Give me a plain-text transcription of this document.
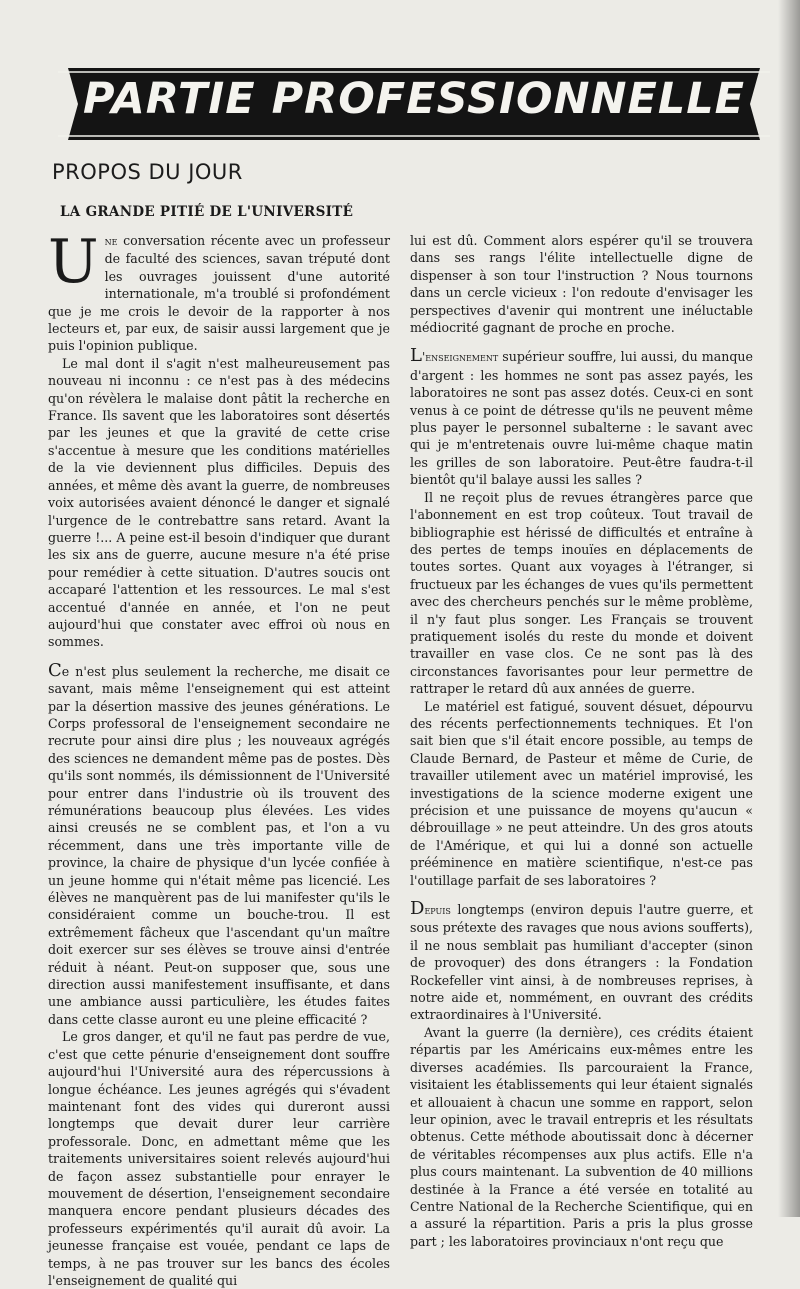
PARTIE PROFESSIONNELLE
PROPOS DU JOUR
LA GRANDE PITIÉ DE L'UNIVERSITÉ

Une conversation récente avec un professeur de faculté des sciences, savan tréputé dont les ouvrages jouissent d'une autorité internationale, m'a troublé si profondément que je me crois le devoir de la rapporter à nos lecteurs et, par eux, de saisir aussi largement que je puis l'opinion publique.

Le mal dont il s'agit n'est malheureusement pas nouveau ni inconnu : ce n'est pas à des médecins qu'on révèlera le malaise dont pâtit la recherche en France. Ils savent que les laboratoires sont désertés par les jeunes et que la gravité de cette crise s'accentue à mesure que les conditions matérielles de la vie deviennent plus difficiles. Depuis des années, et même dès avant la guerre, de nombreuses voix autorisées avaient dénoncé le danger et signalé l'urgence de le contrebattre sans retard. Avant la guerre !... A peine est-il besoin d'indiquer que durant les six ans de guerre, aucune mesure n'a été prise pour remédier à cette situation. D'autres soucis ont accaparé l'attention et les ressources. Le mal s'est accentué d'année en année, et l'on ne peut aujourd'hui que constater avec effroi où nous en sommes.

Ce n'est plus seulement la recherche, me disait ce savant, mais même l'enseignement qui est atteint par la désertion massive des jeunes générations. Le Corps professoral de l'enseignement secondaire ne recrute pour ainsi dire plus ; les nouveaux agrégés des sciences ne demandent même pas de postes. Dès qu'ils sont nommés, ils démissionnent de l'Université pour entrer dans l'industrie où ils trouvent des rémunérations beaucoup plus élevées. Les vides ainsi creusés ne se comblent pas, et l'on a vu récemment, dans une très importante ville de province, la chaire de physique d'un lycée confiée à un jeune homme qui n'était même pas licencié. Les élèves ne manquèrent pas de lui manifester qu'ils le considéraient comme un bouche-trou. Il est extrêmement fâcheux que l'ascendant qu'un maître doit exercer sur ses élèves se trouve ainsi d'entrée réduit à néant. Peut-on supposer que, sous une direction aussi manifestement insuffisante, et dans une ambiance aussi particulière, les études faites dans cette classe auront eu une pleine efficacité ?

Le gros danger, et qu'il ne faut pas perdre de vue, c'est que cette pénurie d'enseignement dont souffre aujourd'hui l'Université aura des répercussions à longue échéance. Les jeunes agrégés qui s'évadent maintenant font des vides qui dureront aussi longtemps que devait durer leur carrière professorale. Donc, en admettant même que les traitements universitaires soient relevés aujourd'hui de façon assez substantielle pour enrayer le mouvement de désertion, l'enseignement secondaire manquera encore pendant plusieurs décades des professeurs expérimentés qu'il aurait dû avoir. La jeunesse française est vouée, pendant ce laps de temps, à ne pas trouver sur les bancs des écoles l'enseignement de qualité qui

lui est dû. Comment alors espérer qu'il se trouvera dans ses rangs l'élite intellectuelle digne de dispenser à son tour l'instruction ? Nous tournons dans un cercle vicieux : l'on redoute d'envisager les perspectives d'avenir qui montrent une inéluctable médiocrité gagnant de proche en proche.

L'enseignement supérieur souffre, lui aussi, du manque d'argent : les hommes ne sont pas assez payés, les laboratoires ne sont pas assez dotés. Ceux-ci en sont venus à ce point de détresse qu'ils ne peuvent même plus payer le personnel subalterne : le savant avec qui je m'entretenais ouvre lui-même chaque matin les grilles de son laboratoire. Peut-être faudra-t-il bientôt qu'il balaye aussi les salles ?

Il ne reçoit plus de revues étrangères parce que l'abonnement en est trop coûteux. Tout travail de bibliographie est hérissé de difficultés et entraîne à des pertes de temps inouïes en déplacements de toutes sortes. Quant aux voyages à l'étranger, si fructueux par les échanges de vues qu'ils permettent avec des chercheurs penchés sur le même problème, il n'y faut plus songer. Les Français se trouvent pratiquement isolés du reste du monde et doivent travailler en vase clos. Ce ne sont pas là des circonstances favorisantes pour leur permettre de rattraper le retard dû aux années de guerre.

Le matériel est fatigué, souvent désuet, dépourvu des récents perfectionnements techniques. Et l'on sait bien que s'il était encore possible, au temps de Claude Bernard, de Pasteur et même de Curie, de travailler utilement avec un matériel improvisé, les investigations de la science moderne exigent une précision et une puissance de moyens qu'aucun « débrouillage » ne peut atteindre. Un des gros atouts de l'Amérique, et qui lui a donné son actuelle prééminence en matière scientifique, n'est-ce pas l'outillage parfait de ses laboratoires ?

Depuis longtemps (environ depuis l'autre guerre, et sous prétexte des ravages que nous avions soufferts), il ne nous semblait pas humiliant d'accepter (sinon de provoquer) des dons étrangers : la Fondation Rockefeller vint ainsi, à de nombreuses reprises, à notre aide et, nommément, en ouvrant des crédits extraordinaires à l'Université.

Avant la guerre (la dernière), ces crédits étaient répartis par les Américains eux-mêmes entre les diverses académies. Ils parcouraient la France, visitaient les établissements qui leur étaient signalés et allouaient à chacun une somme en rapport, selon leur opinion, avec le travail entrepris et les résultats obtenus. Cette méthode aboutissait donc à décerner de véritables récompenses aux plus actifs. Elle n'a plus cours maintenant. La subvention de 40 millions destinée à la France a été versée en totalité au Centre National de la Recherche Scientifique, qui en a assuré la répartition. Paris a pris la plus grosse part ; les laboratoires provinciaux n'ont reçu que
